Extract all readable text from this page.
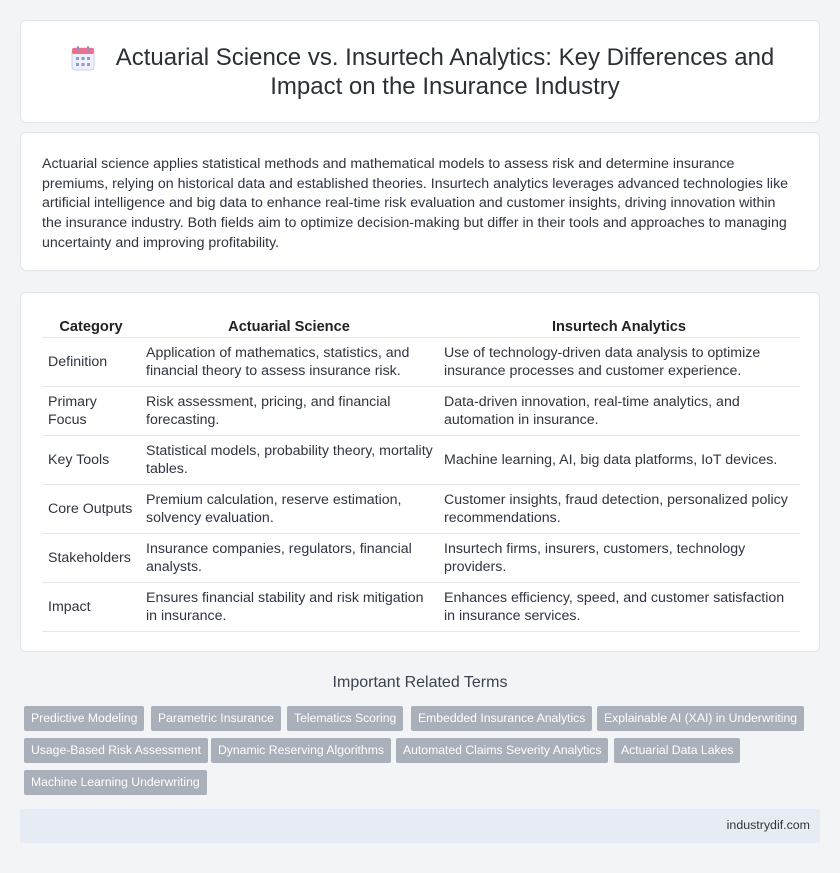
Actuarial Science vs. Insurtech Analytics: Key Differences and Impact on the Insurance Industry

Actuarial science applies statistical methods and mathematical models to assess risk and determine insurance premiums, relying on historical data and established theories. Insurtech analytics leverages advanced technologies like artificial intelligence and big data to enhance real-time risk evaluation and customer insights, driving innovation within the insurance industry. Both fields aim to optimize decision-making but differ in their tools and approaches to managing uncertainty and improving profitability.

Category	Actuarial Science	Insurtech Analytics
Definition	Application of mathematics, statistics, and financial theory to assess insurance risk.	Use of technology-driven data analysis to optimize insurance processes and customer experience.
Primary Focus	Risk assessment, pricing, and financial forecasting.	Data-driven innovation, real-time analytics, and automation in insurance.
Key Tools	Statistical models, probability theory, mortality tables.	Machine learning, AI, big data platforms, IoT devices.
Core Outputs	Premium calculation, reserve estimation, solvency evaluation.	Customer insights, fraud detection, personalized policy recommendations.
Stakeholders	Insurance companies, regulators, financial analysts.	Insurtech firms, insurers, customers, technology providers.
Impact	Ensures financial stability and risk mitigation in insurance.	Enhances efficiency, speed, and customer satisfaction in insurance services.
Important Related Terms
Predictive Modeling	Parametric Insurance	Telematics Scoring	Embedded Insurance Analytics	Explainable AI (XAI) in Underwriting
Usage-Based Risk Assessment	Dynamic Reserving Algorithms	Automated Claims Severity Analytics	Actuarial Data Lakes
Machine Learning Underwriting
industrydif.com
